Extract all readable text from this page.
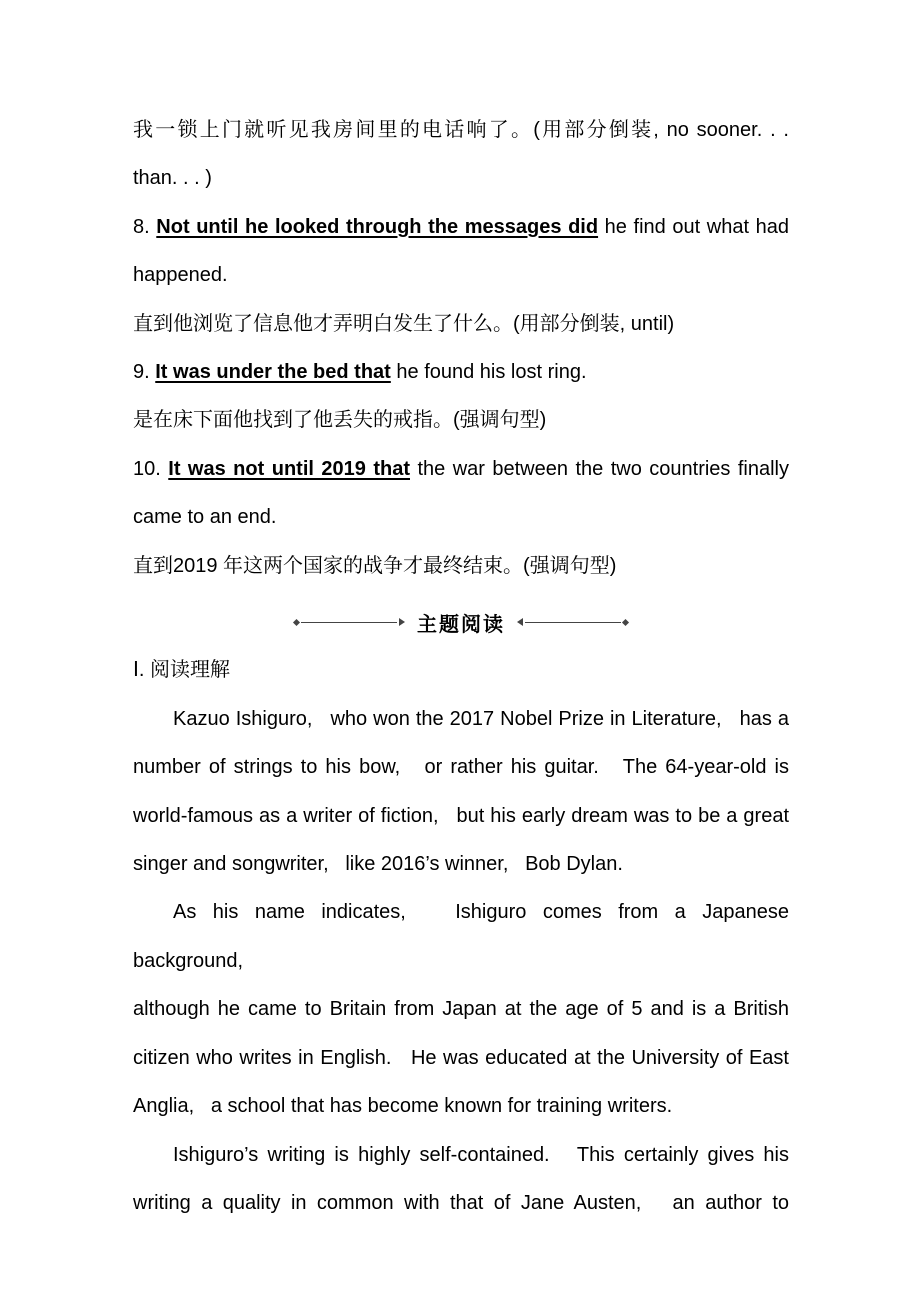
我一锁上门就听见我房间里的电话响了。(用部分倒装, no sooner. . .
than. . . )
8. Not until he looked through the messages did he find out what had
happened.
直到他浏览了信息他才弄明白发生了什么。(用部分倒装, until)
9. It was under the bed that he found his lost ring.
是在床下面他找到了他丢失的戒指。(强调句型)
10. It was not until 2019 that the war between the two countries finally
came to an end.
直到2019 年这两个国家的战争才最终结束。(强调句型)
主题阅读
Ⅰ. 阅读理解
Kazuo Ishiguro,   who won the 2017 Nobel Prize in Literature,   has a
number of strings to his bow,   or rather his guitar.   The 64-year-old is
world-famous as a writer of fiction,   but his early dream was to be a great
singer and songwriter,   like 2016’s winner,   Bob Dylan.
As his name indicates,   Ishiguro comes from a Japanese background,
although he came to Britain from Japan at the age of 5 and is a British
citizen who writes in English.   He was educated at the University of East
Anglia,   a school that has become known for training writers.
Ishiguro’s writing is highly self-contained.   This certainly gives his
writing a quality in common with that of Jane Austen,   an author to
